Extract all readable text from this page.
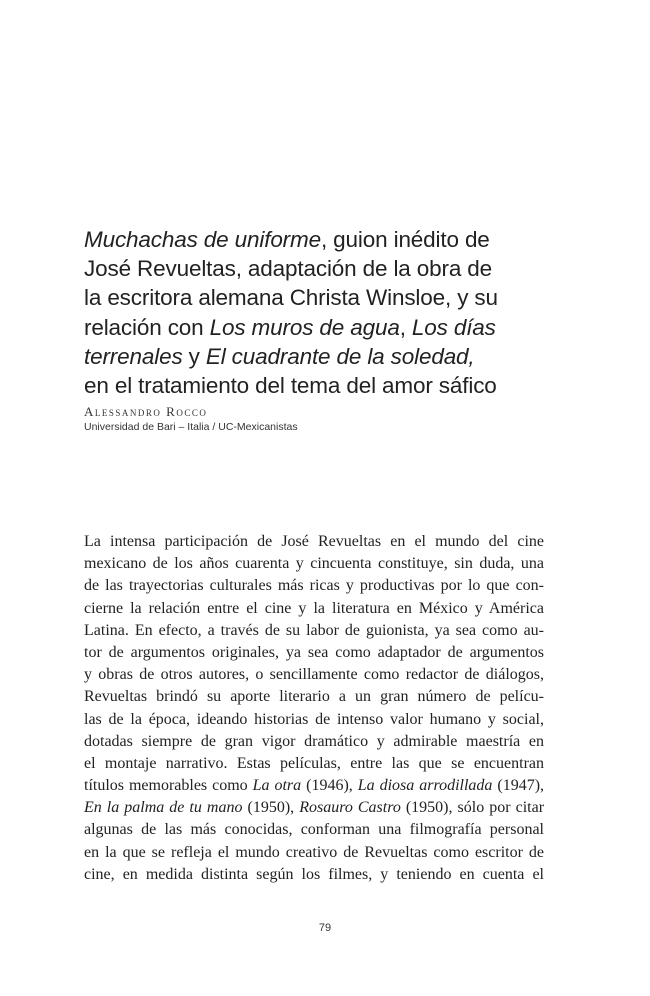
Muchachas de uniforme, guion inédito de
José Revueltas, adaptación de la obra de
la escritora alemana Christa Winsloe, y su
relación con Los muros de agua, Los días
terrenales y El cuadrante de la soledad,
en el tratamiento del tema del amor sáfico
Alessandro Rocco
Universidad de Bari – Italia / UC-Mexicanistas
La intensa participación de José Revueltas en el mundo del cine
mexicano de los años cuarenta y cincuenta constituye, sin duda, una
de las trayectorias culturales más ricas y productivas por lo que con-
cierne la relación entre el cine y la literatura en México y América
Latina. En efecto, a través de su labor de guionista, ya sea como au-
tor de argumentos originales, ya sea como adaptador de argumentos
y obras de otros autores, o sencillamente como redactor de diálogos,
Revueltas brindó su aporte literario a un gran número de pelícu-
las de la época, ideando historias de intenso valor humano y social,
dotadas siempre de gran vigor dramático y admirable maestría en
el montaje narrativo. Estas películas, entre las que se encuentran
títulos memorables como La otra (1946), La diosa arrodillada (1947),
En la palma de tu mano (1950), Rosauro Castro (1950), sólo por citar
algunas de las más conocidas, conforman una filmografía personal
en la que se refleja el mundo creativo de Revueltas como escritor de
cine, en medida distinta según los filmes, y teniendo en cuenta el
79
